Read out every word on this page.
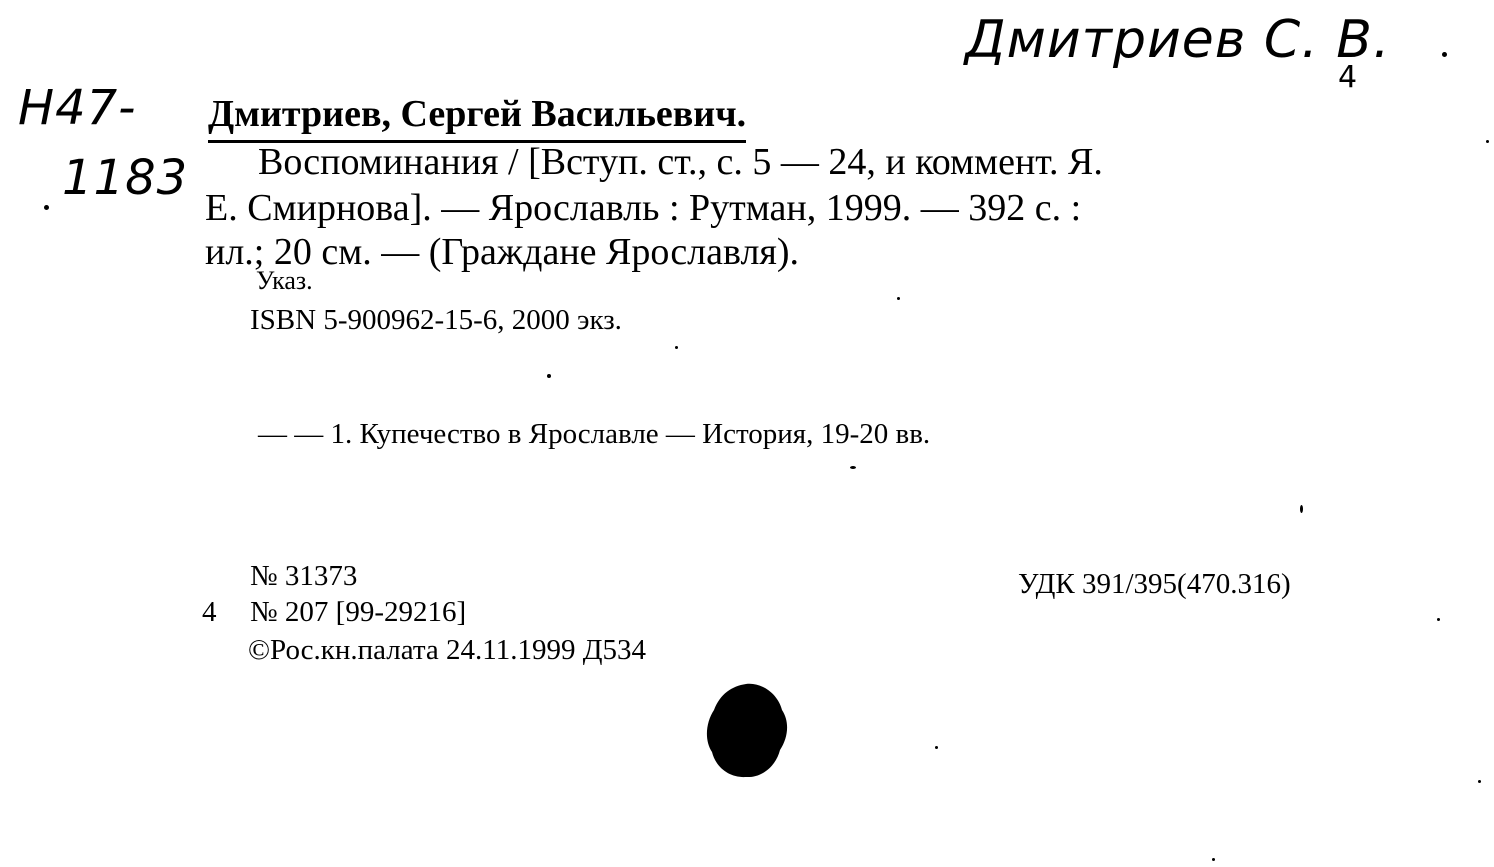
Дмитриев С. В.
4
Н47-
1183
Дмитриев, Сергей Васильевич.
Воспоминания / [Вступ. ст., с. 5 — 24, и коммент. Я.
Е. Смирнова]. — Ярославль : Рутман, 1999. — 392 с. :
ил.; 20 см. — (Граждане Ярославля).
Указ.
ISBN 5-900962-15-6, 2000 экз.
— — 1. Купечество в Ярославле — История, 19-20 вв.
№ 31373
4 № 207 [99-29216]
©Рос.кн.палата 24.11.1999 Д534
УДК 391/395(470.316)
